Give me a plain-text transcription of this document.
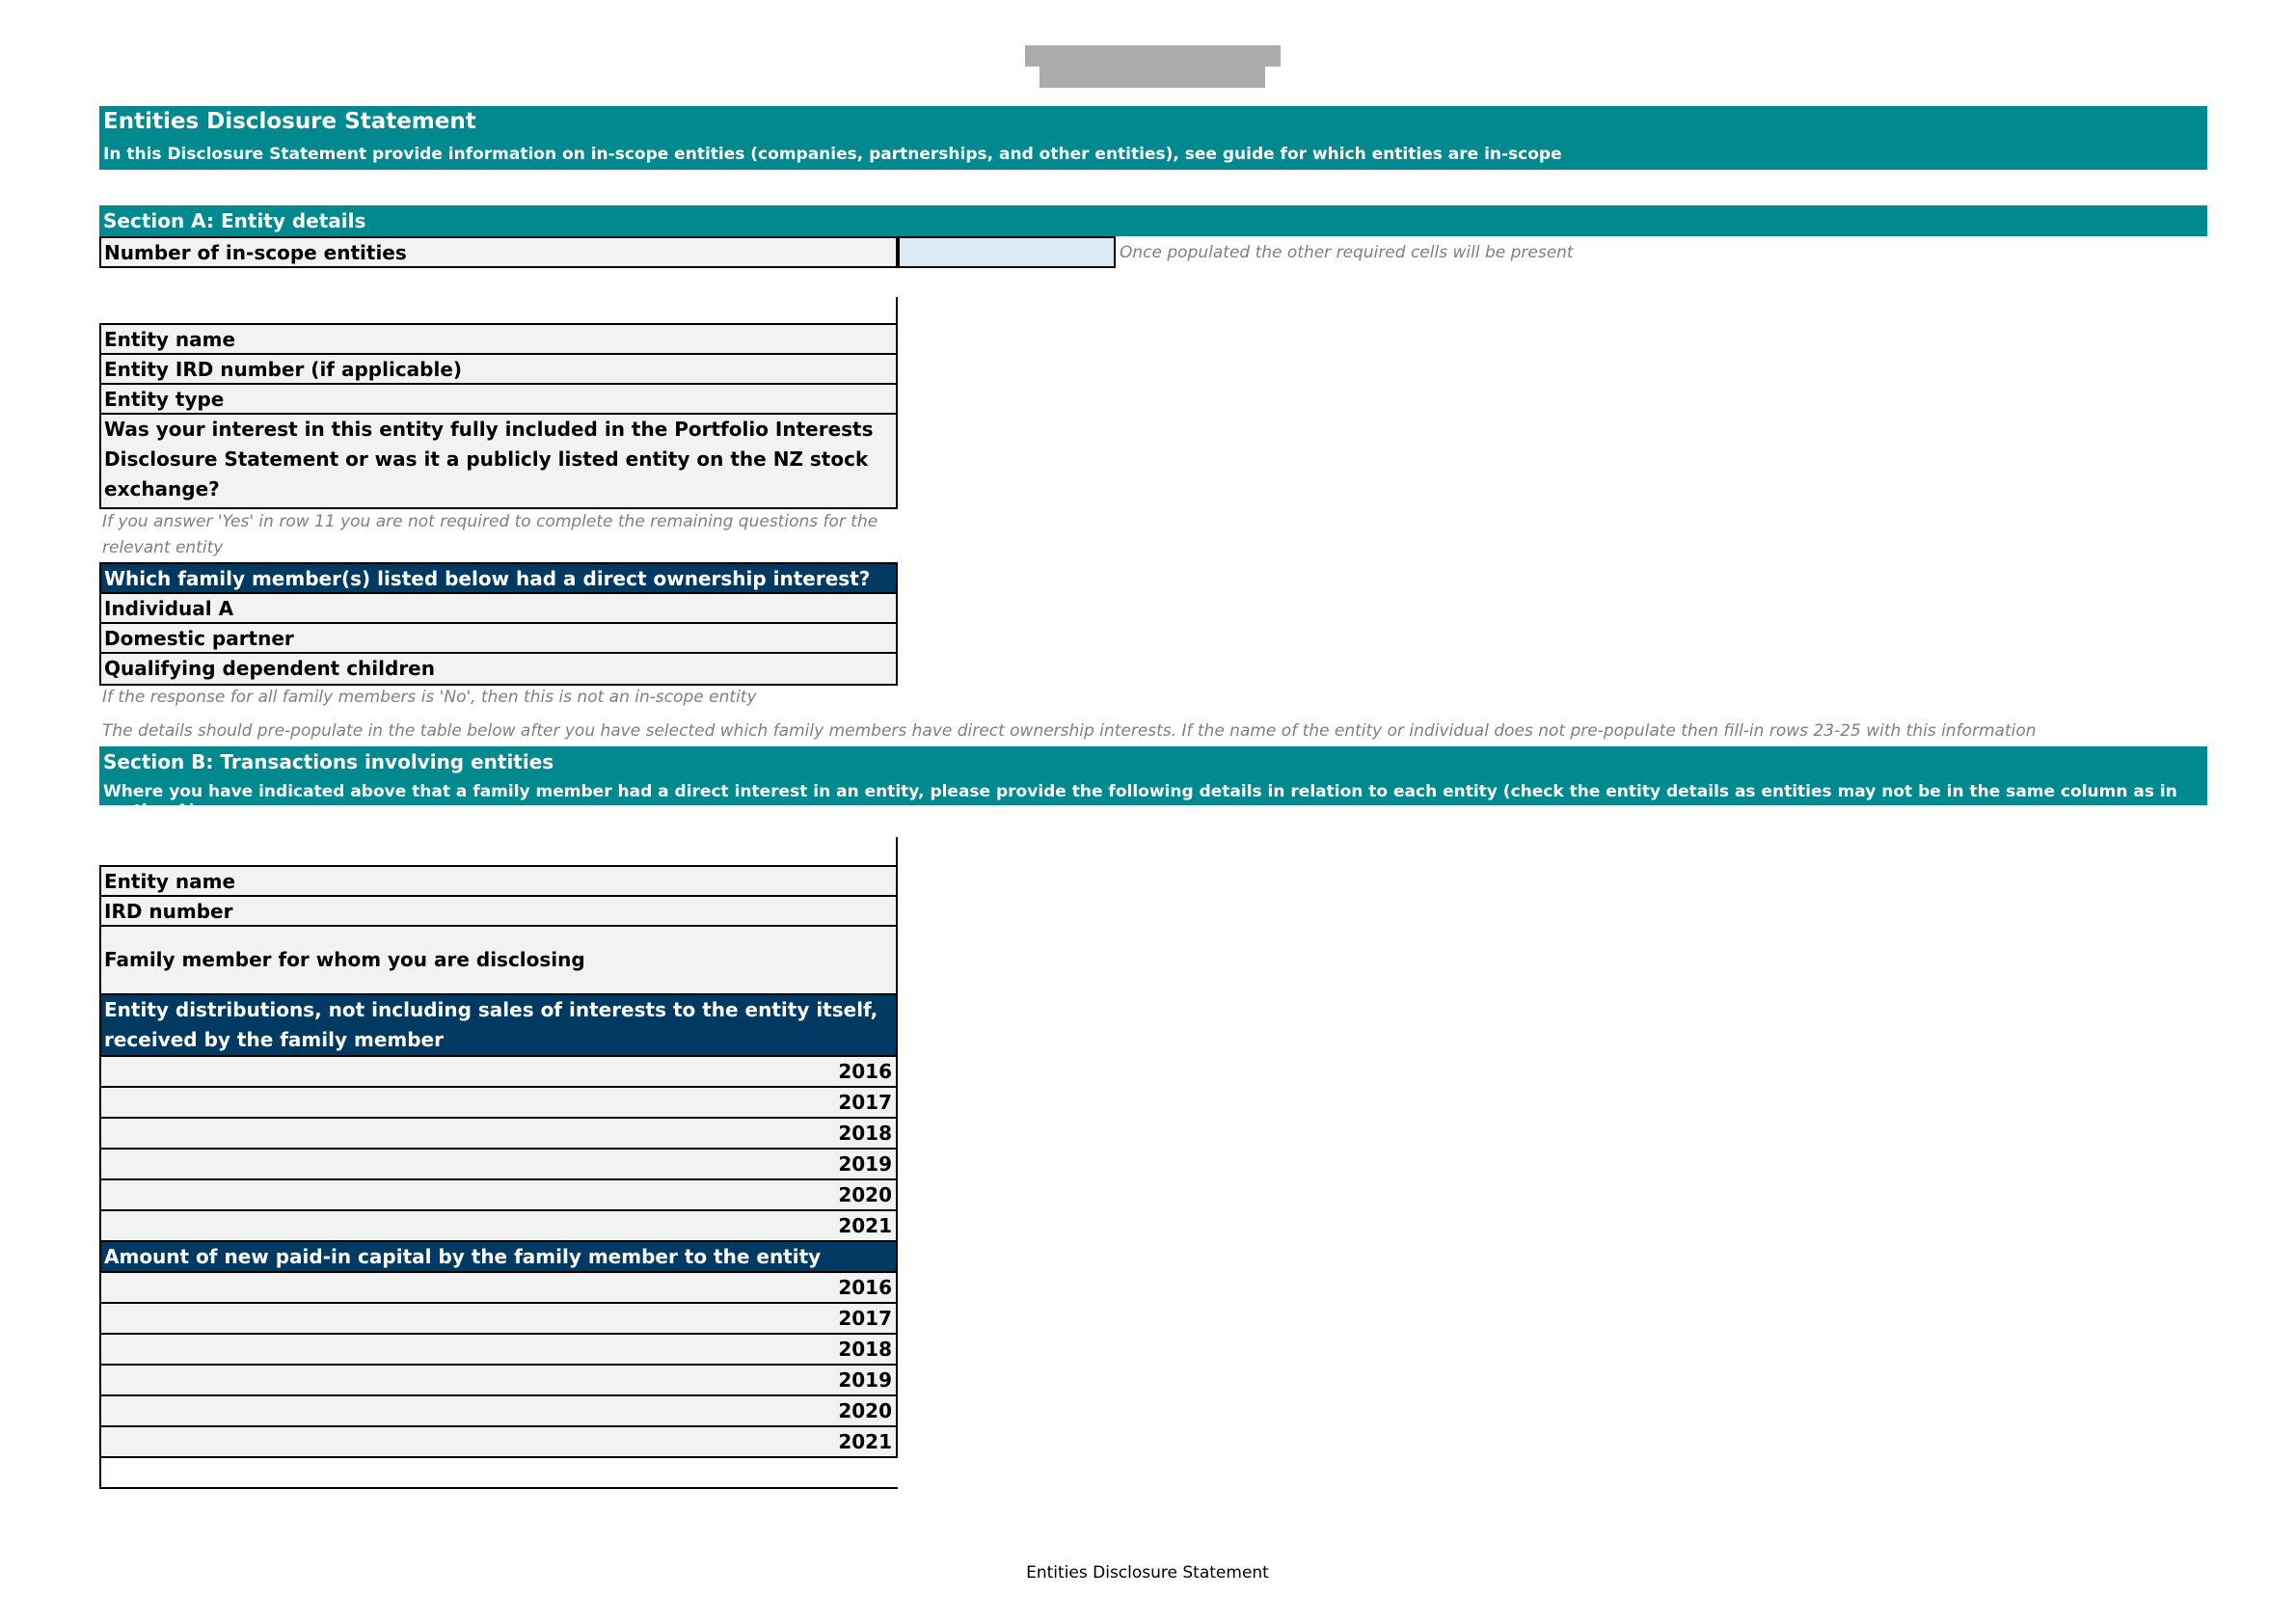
Entities Disclosure Statement
In this Disclosure Statement provide information on in-scope entities (companies, partnerships, and other entities), see guide for which entities are in-scope
Section A: Entity details
Number of in-scope entities	Once populated the other required cells will be present
Entity name
Entity IRD number (if applicable)
Entity type
Was your interest in this entity fully included in the Portfolio Interests Disclosure Statement or was it a publicly listed entity on the NZ stock exchange?
If you answer 'Yes' in row 11 you are not required to complete the remaining questions for the relevant entity
Which family member(s) listed below had a direct ownership interest?
Individual A
Domestic partner
Qualifying dependent children
If the response for all family members is 'No', then this is not an in-scope entity
The details should pre-populate in the table below after you have selected which family members have direct ownership interests. If the name of the entity or individual does not pre-populate then fill-in rows 23-25 with this information
Section B: Transactions involving entities
Where you have indicated above that a family member had a direct interest in an entity, please provide the following details in relation to each entity (check the entity details as entities may not be in the same column as in section A).
Entity name
IRD number
Family member for whom you are disclosing
Entity distributions, not including sales of interests to the entity itself, received by the family member
2016
2017
2018
2019
2020
2021
Amount of new paid-in capital by the family member to the entity
2016
2017
2018
2019
2020
2021
Entities Disclosure Statement
